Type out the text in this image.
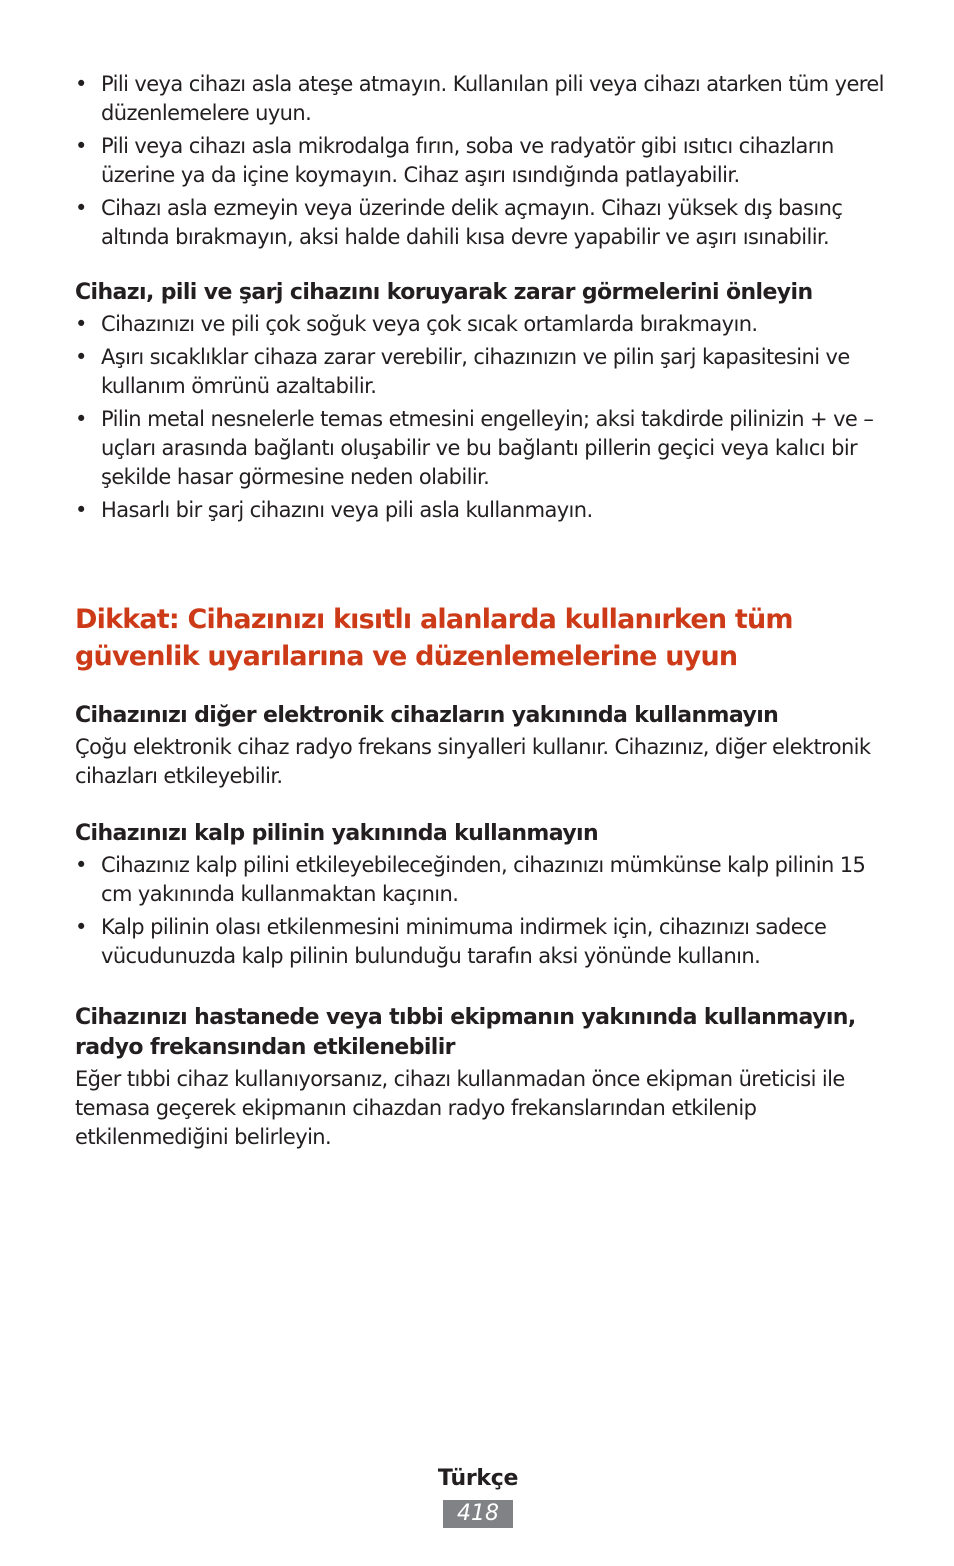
• Pili veya cihazı asla ateşe atmayın. Kullanılan pili veya cihazı atarken tüm yerel düzenlemelere uyun.
• Pili veya cihazı asla mikrodalga fırın, soba ve radyatör gibi ısıtıcı cihazların üzerine ya da içine koymayın. Cihaz aşırı ısındığında patlayabilir.
• Cihazı asla ezmeyin veya üzerinde delik açmayın. Cihazı yüksek dış basınç altında bırakmayın, aksi halde dahili kısa devre yapabilir ve aşırı ısınabilir.
Cihazı, pili ve şarj cihazını koruyarak zarar görmelerini önleyin
• Cihazınızı ve pili çok soğuk veya çok sıcak ortamlarda bırakmayın.
• Aşırı sıcaklıklar cihaza zarar verebilir, cihazınızın ve pilin şarj kapasitesini ve kullanım ömrünü azaltabilir.
• Pilin metal nesnelerle temas etmesini engelleyin; aksi takdirde pilinizin + ve – uçları arasında bağlantı oluşabilir ve bu bağlantı pillerin geçici veya kalıcı bir şekilde hasar görmesine neden olabilir.
• Hasarlı bir şarj cihazını veya pili asla kullanmayın.
Dikkat: Cihazınızı kısıtlı alanlarda kullanırken tüm güvenlik uyarılarına ve düzenlemelerine uyun
Cihazınızı diğer elektronik cihazların yakınında kullanmayın

Çoğu elektronik cihaz radyo frekans sinyalleri kullanır. Cihazınız, diğer elektronik cihazları etkileyebilir.

Cihazınızı kalp pilinin yakınında kullanmayın
• Cihazınız kalp pilini etkileyebileceğinden, cihazınızı mümkünse kalp pilinin 15 cm yakınında kullanmaktan kaçının.
• Kalp pilinin olası etkilenmesini minimuma indirmek için, cihazınızı sadece vücudunuzda kalp pilinin bulunduğu tarafın aksi yönünde kullanın.
Cihazınızı hastanede veya tıbbi ekipmanın yakınında kullanmayın, radyo frekansından etkilenebilir

Eğer tıbbi cihaz kullanıyorsanız, cihazı kullanmadan önce ekipman üreticisi ile temasa geçerek ekipmanın cihazdan radyo frekanslarından etkilenip etkilenmediğini belirleyin.

Türkçe
418
